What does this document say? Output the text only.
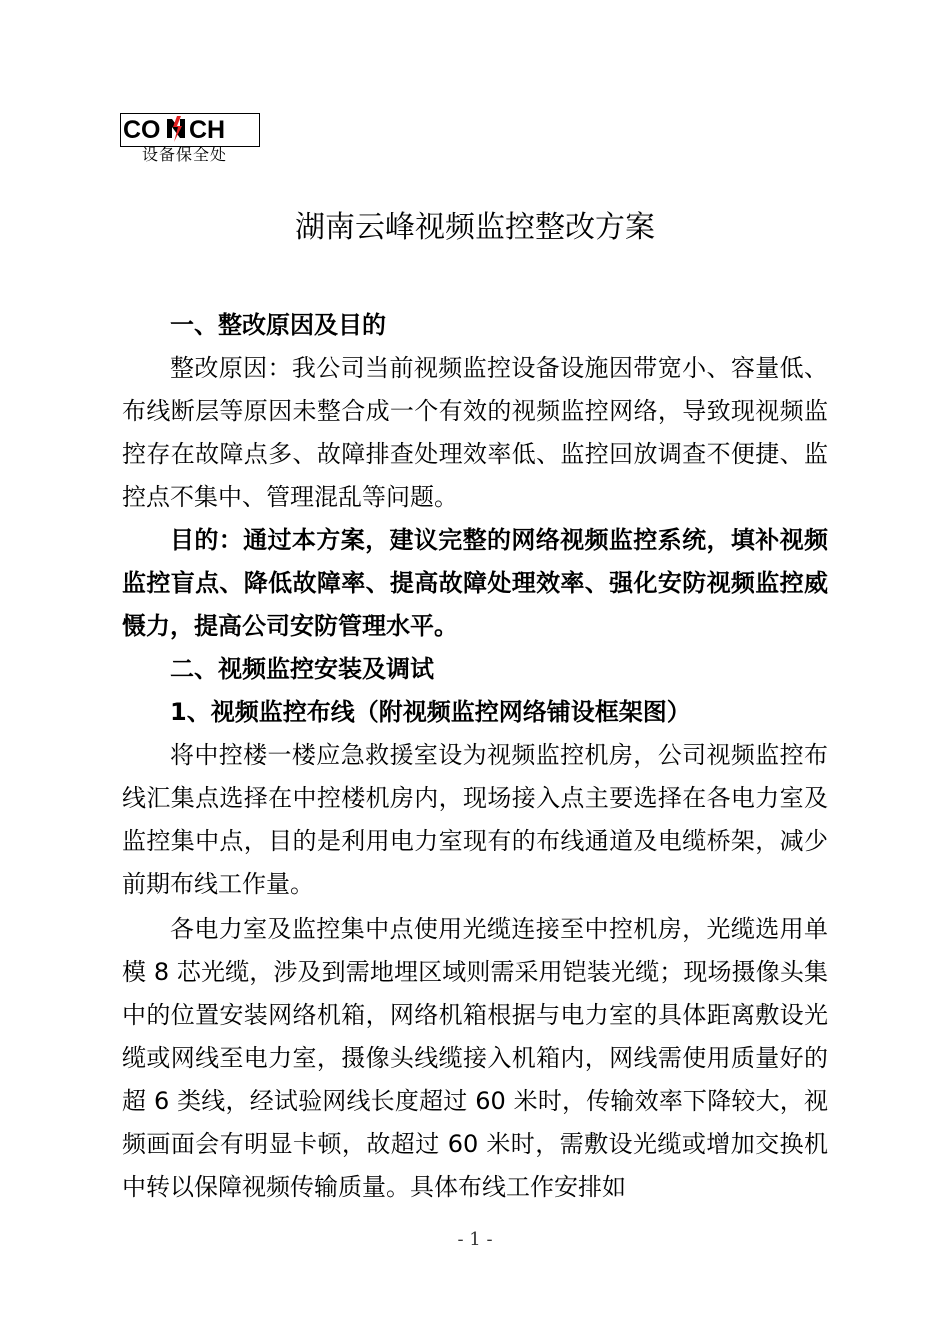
CO CH
设备保全处
湖南云峰视频监控整改方案

一、整改原因及目的

整改原因：我公司当前视频监控设备设施因带宽小、容量低、布线断层等原因未整合成一个有效的视频监控网络，导致现视频监控存在故障点多、故障排查处理效率低、监控回放调查不便捷、监控点不集中、管理混乱等问题。

目的：通过本方案，建议完整的网络视频监控系统，填补视频监控盲点、降低故障率、提高故障处理效率、强化安防视频监控威慑力，提高公司安防管理水平。

二、视频监控安装及调试

1、视频监控布线（附视频监控网络铺设框架图）

将中控楼一楼应急救援室设为视频监控机房，公司视频监控布线汇集点选择在中控楼机房内，现场接入点主要选择在各电力室及监控集中点，目的是利用电力室现有的布线通道及电缆桥架，减少前期布线工作量。

各电力室及监控集中点使用光缆连接至中控机房，光缆选用单模 8 芯光缆，涉及到需地埋区域则需采用铠装光缆；现场摄像头集中的位置安装网络机箱，网络机箱根据与电力室的具体距离敷设光缆或网线至电力室，摄像头线缆接入机箱内，网线需使用质量好的超 6 类线，经试验网线长度超过 60 米时，传输效率下降较大，视频画面会有明显卡顿，故超过 60 米时，需敷设光缆或增加交换机中转以保障视频传输质量。具体布线工作安排如

- 1 -
